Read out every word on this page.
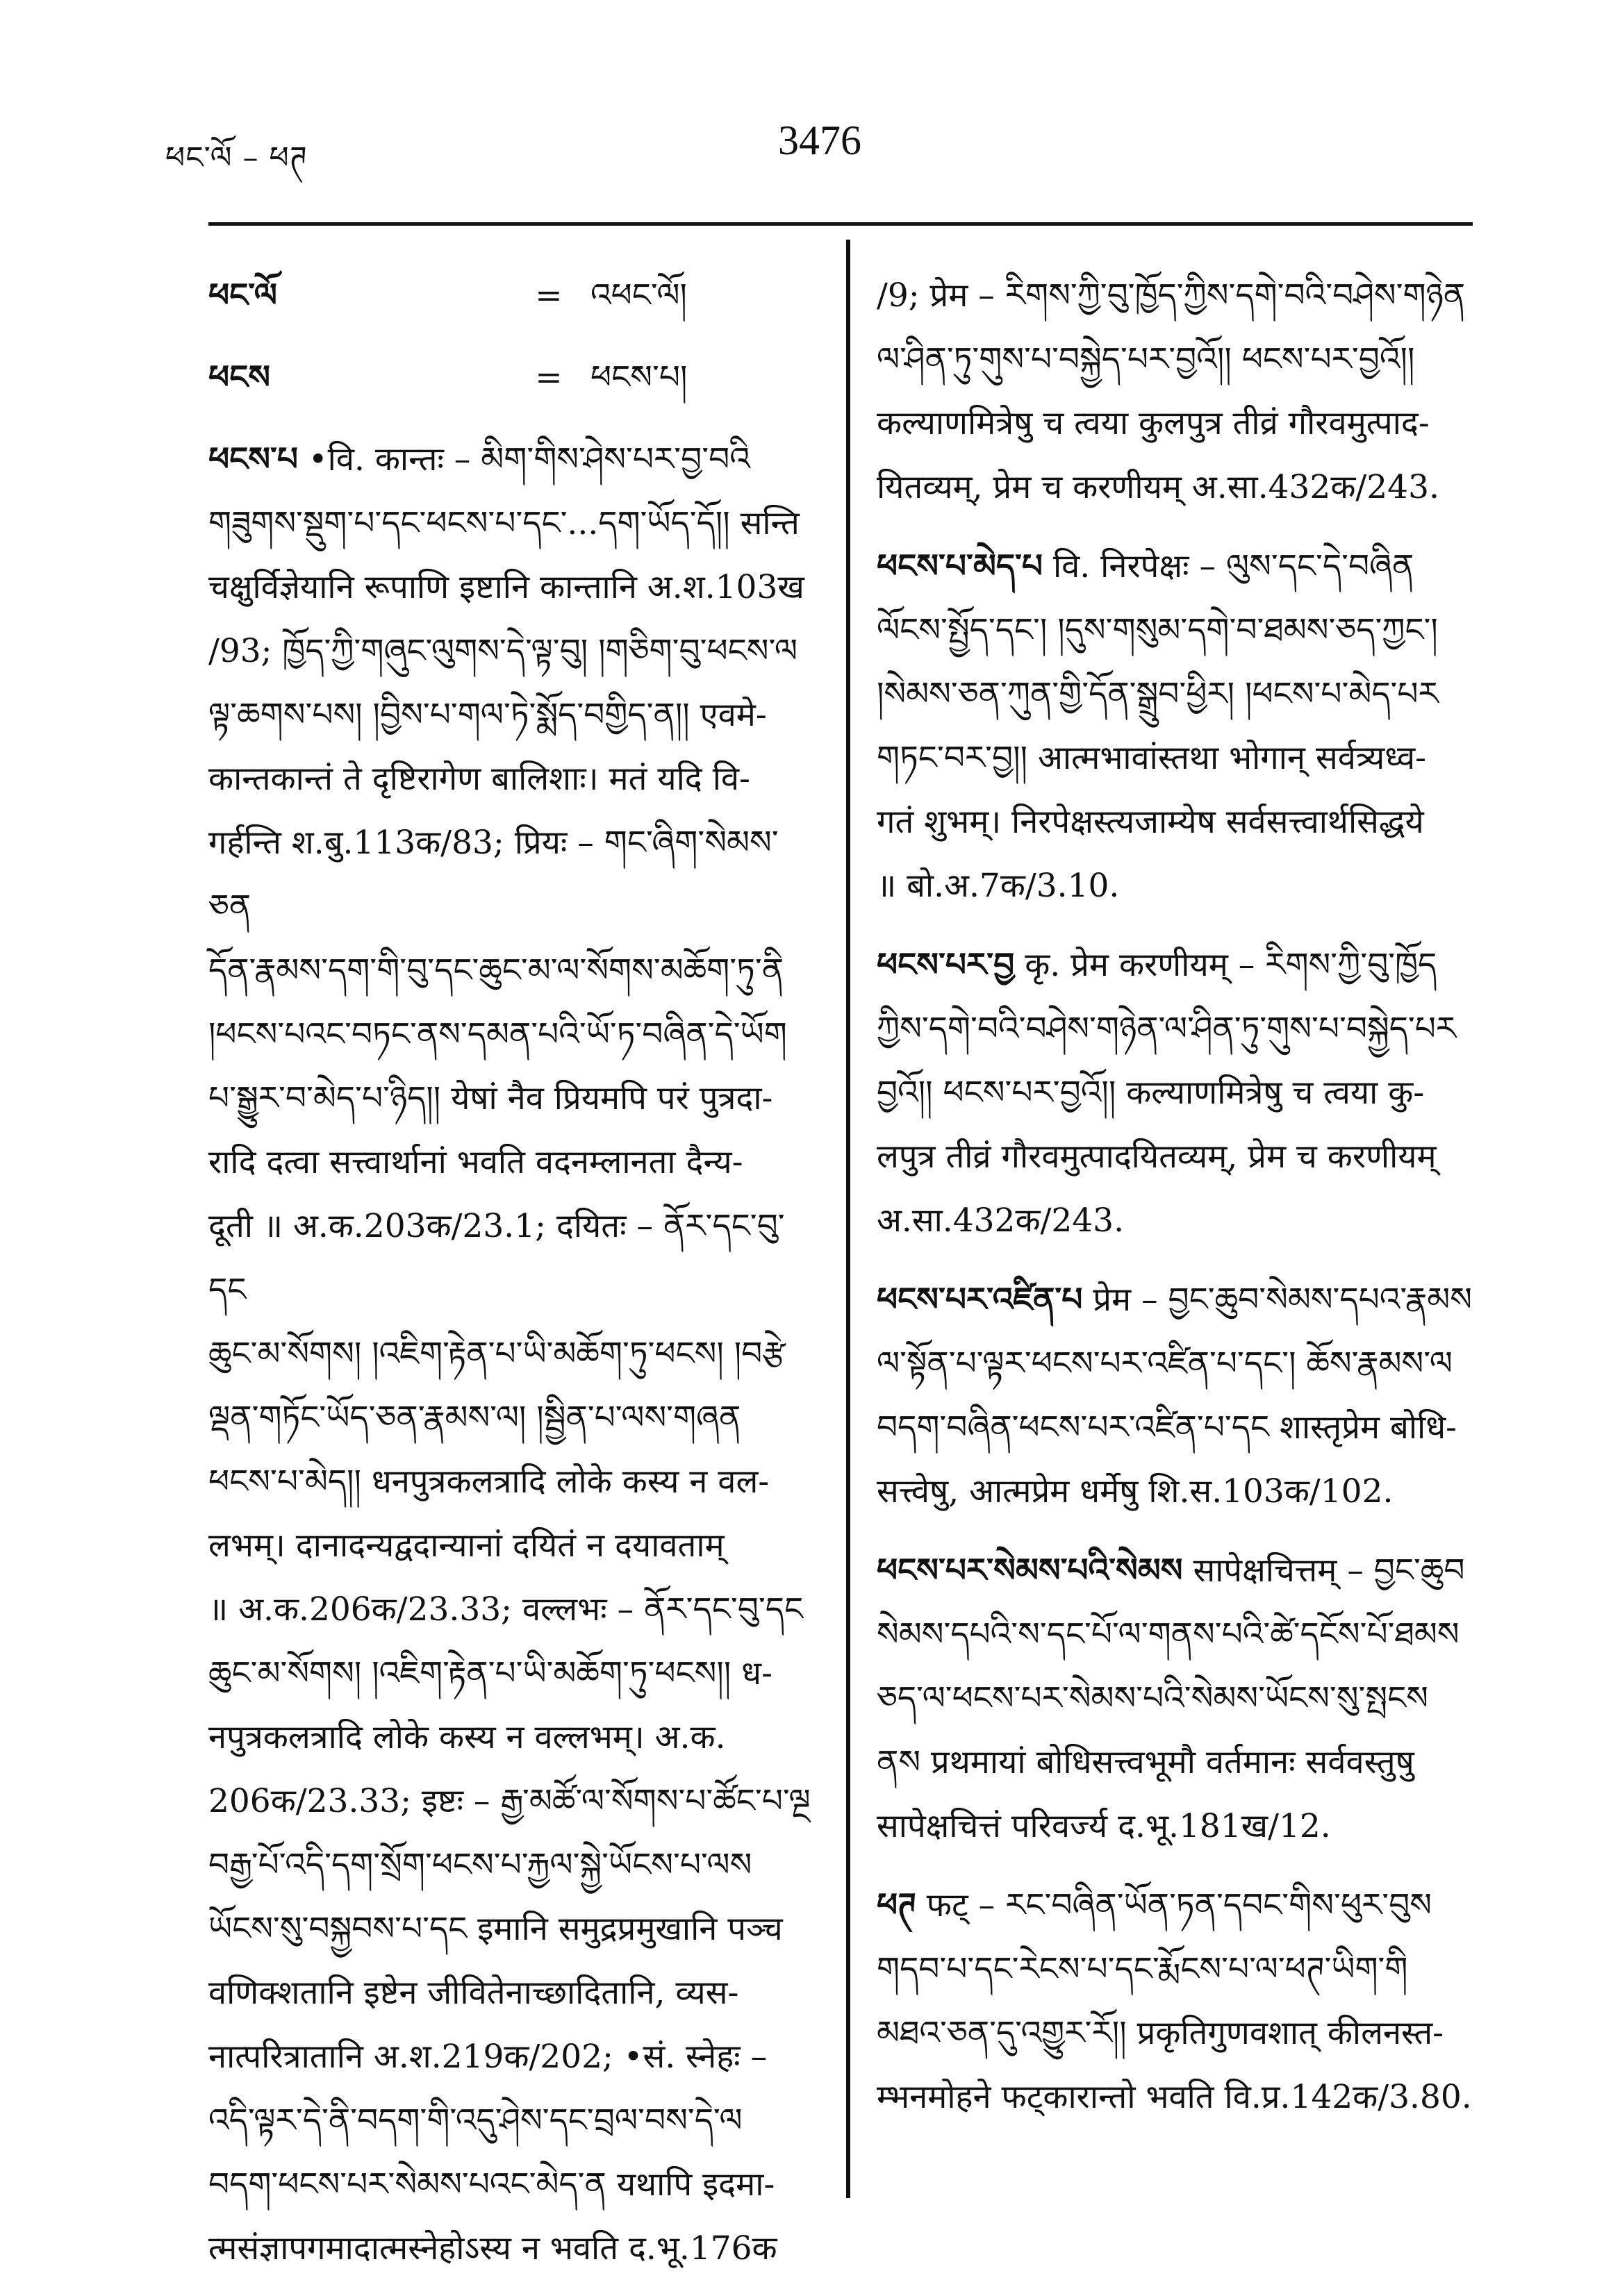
ཕང་ལོ – ཕཊ	3476
ཕང་ལོ	= འཕང་ལོ།
ཕངས	= ཕངས་པ།
ཕངས་པ •वि. कान्तः – མིག་གིས་ཤེས་པར་བྱ་བའི
གཟུགས་སྡུག་པ་དང་ཕངས་པ་དང་...དག་ཡོད་དོ།། सन्ति
चक्षुर्विज्ञेयानि रूपाणि इष्टानि कान्तानि अ.श.103ख
/93; ཁྱོད་ཀྱི་གཞུང་ལུགས་དེ་ལྟ་བུ། །གཅིག་བུ་ཕངས་ལ
ལྟ་ཆགས་པས། །བྱིས་པ་གལ་ཏེ་སྨོད་བགྱིད་ན།། एवमे-
कान्तकान्तं ते दृष्टिरागेण बालिशाः। मतं यदि वि-
गर्हन्ति श.बु.113क/83; प्रियः – གང་ཞིག་སེམས་ཅན
དོན་རྣམས་དག་གི་བུ་དང་ཆུང་མ་ལ་སོགས་མཆོག་ཏུ་ནི
།ཕངས་པའང་བཏང་ནས་དམན་པའི་ཡོ་ཏ་བཞིན་དེ་ཡོག
པ་སྒྱུར་བ་མེད་པ་ཉིད།། येषां नैव प्रियमपि परं पुत्रदा-
रादि दत्वा सत्त्वार्थानां भवति वदनम्लानता दैन्य-
दूती ॥ अ.क.203क/23.1; दयितः – ནོར་དང་བུ་དང
ཆུང་མ་སོགས། །འཇིག་རྟེན་པ་ཡི་མཆོག་ཏུ་ཕངས། །བརྩེ
ལྡན་གཏོང་ཡོད་ཅན་རྣམས་ལ། །སྦྱིན་པ་ལས་གཞན
ཕངས་པ་མེད།། धनपुत्रकलत्रादि लोके कस्य न वल-
लभम्। दानादन्यद्वदान्यानां दयितं न दयावताम्
॥ अ.क.206क/23.33; वल्लभः – ནོར་དང་བུ་དང
ཆུང་མ་སོགས། །འཇིག་རྟེན་པ་ཡི་མཆོག་ཏུ་ཕངས།། ध-
नपुत्रकलत्रादि लोके कस्य न वल्लभम्। अ.क.
206क/23.33; इष्टः – རྒྱ་མཚོ་ལ་སོགས་པ་ཚོང་པ་ལྔ
བརྒྱ་པོ་འདི་དག་སྲོག་ཕངས་པ་རྐྱལ་སྐྱེ་ཡོངས་པ་ལས
ཡོངས་སུ་བསྐྱབས་པ་དང इमानि समुद्रप्रमुखानि पञ्च
वणिक्शतानि इष्टेन जीवितेनाच्छादितानि, व्यस-
नात्परित्रातानि अ.श.219क/202; •सं. स्नेहः –
འདི་ལྟར་དེ་ནི་བདག་གི་འདུ་ཤེས་དང་བྲལ་བས་དེ་ལ
བདག་ཕངས་པར་སེམས་པའང་མེད་ན यथापि इदमा-
त्मसंज्ञापगमादात्मस्नेहोऽस्य न भवति द.भू.176क
/9; प्रेम – རིགས་ཀྱི་བུ་ཁྱོད་ཀྱིས་དགེ་བའི་བཤེས་གཉེན
ལ་ཤིན་ཏུ་གུས་པ་བསྐྱེད་པར་བྱའོ།། ཕངས་པར་བྱའོ།།
कल्याणमित्रेषु च त्वया कुलपुत्र तीव्रं गौरवमुत्पाद-
यितव्यम्, प्रेम च करणीयम् अ.सा.432क/243.
ཕངས་པ་མེད་པ वि. निरपेक्षः – ལུས་དང་དེ་བཞིན
ལོངས་སྤྱོད་དང་། །དུས་གསུམ་དགེ་བ་ཐམས་ཅད་ཀྱང་།
།སེམས་ཅན་ཀུན་གྱི་དོན་སྒྲུབ་ཕྱིར། །ཕངས་པ་མེད་པར
གཏང་བར་བྱ།། आत्मभावांस्तथा भोगान् सर्वत्र्यध्व-
गतं शुभम्। निरपेक्षस्त्यजाम्येष सर्वसत्त्वार्थसिद्धये
॥ बो.अ.7क/3.10.
ཕངས་པར་བྱ कृ. प्रेम करणीयम् – རིགས་ཀྱི་བུ་ཁྱོད
ཀྱིས་དགེ་བའི་བཤེས་གཉེན་ལ་ཤིན་ཏུ་གུས་པ་བསྐྱེད་པར
བྱའོ།། ཕངས་པར་བྱའོ།། कल्याणमित्रेषु च त्वया कु-
लपुत्र तीव्रं गौरवमुत्पादयितव्यम्, प्रेम च करणीयम्
अ.सा.432क/243.
ཕངས་པར་འཛིན་པ प्रेम – བྱང་ཆུབ་སེམས་དཔའ་རྣམས
ལ་སྟོན་པ་ལྟར་ཕངས་པར་འཛིན་པ་དང་། ཆོས་རྣམས་ལ
བདག་བཞིན་ཕངས་པར་འཛིན་པ་དང शास्तृप्रेम बोधि-
सत्त्वेषु, आत्मप्रेम धर्मेषु शि.स.103क/102.
ཕངས་པར་སེམས་པའི་སེམས सापेक्षचित्तम् – བྱང་ཆུབ
སེམས་དཔའི་ས་དང་པོ་ལ་གནས་པའི་ཚེ་དངོས་པོ་ཐམས
ཅད་ལ་ཕངས་པར་སེམས་པའི་སེམས་ཡོངས་སུ་སྤངས
ནས प्रथमायां बोधिसत्त्वभूमौ वर्तमानः सर्ववस्तुषु
सापेक्षचित्तं परिवर्ज्य द.भू.181ख/12.
ཕཊ फट् – རང་བཞིན་ཡོན་ཏན་དབང་གིས་ཕུར་བུས
གདབ་པ་དང་རེངས་པ་དང་རྨོངས་པ་ལ་ཕཊ་ཡིག་གི
མཐའ་ཅན་དུ་འགྱུར་རོ།། प्रकृतिगुणवशात् कीलनस्त-
म्भनमोहने फट्कारान्तो भवति वि.प्र.142क/3.80.
